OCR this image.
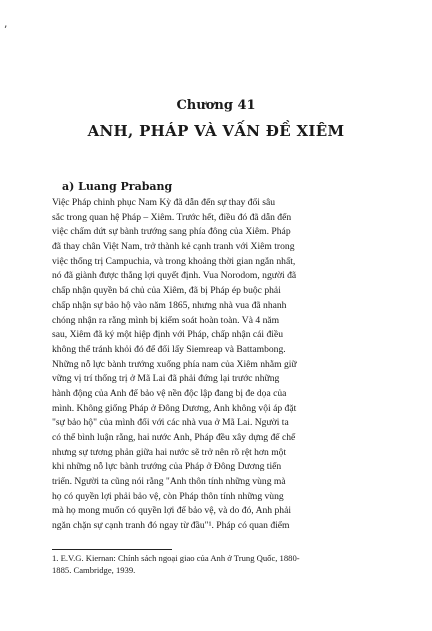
’
Chương 41
ANH, PHÁP VÀ VẤN ĐỀ XIÊM
a) Luang Prabang
Việc Pháp chinh phục Nam Kỳ đã dẫn đến sự thay đổi sâu
sắc trong quan hệ Pháp – Xiêm. Trước hết, điều đó đã dẫn đến
việc chấm dứt sự bành trướng sang phía đông của Xiêm. Pháp
đã thay chân Việt Nam, trở thành kẻ cạnh tranh với Xiêm trong
việc thống trị Campuchia, và trong khoảng thời gian ngắn nhất,
nó đã giành được thắng lợi quyết định. Vua Norodom, người đã
chấp nhận quyền bá chủ của Xiêm, đã bị Pháp ép buộc phải
chấp nhận sự bảo hộ vào năm 1865, nhưng nhà vua đã nhanh
chóng nhận ra rằng mình bị kiểm soát hoàn toàn. Và 4 năm
sau, Xiêm đã ký một hiệp định với Pháp, chấp nhận cái điều
không thể tránh khỏi đó để đổi lấy Siemreap và Battambong.
Những nỗ lực bành trướng xuống phía nam của Xiêm nhằm giữ
vững vị trí thống trị ở Mã Lai đã phải đứng lại trước những
hành động của Anh để bảo vệ nền độc lập đang bị đe dọa của
mình. Không giống Pháp ở Đông Dương, Anh không vội áp đặt
"sự bảo hộ" của mình đối với các nhà vua ở Mã Lai. Người ta
có thể bình luận rằng, hai nước Anh, Pháp đều xây dựng để chế
nhưng sự tương phản giữa hai nước sẽ trở nên rõ rệt hơn một
khi những nỗ lực bành trướng của Pháp ở Đông Dương tiến
triển. Người ta cũng nói rằng "Anh thôn tính những vùng mà
họ có quyền lợi phải bảo vệ, còn Pháp thôn tính những vùng
mà họ mong muốn có quyền lợi để bảo vệ, và do đó, Anh phải
ngăn chặn sự cạnh tranh đó ngay từ đầu"¹. Pháp có quan điểm
1. E.V.G. Kiernan: Chính sách ngoại giao của Anh ở Trung Quốc, 1880-
1885. Cambridge, 1939.
